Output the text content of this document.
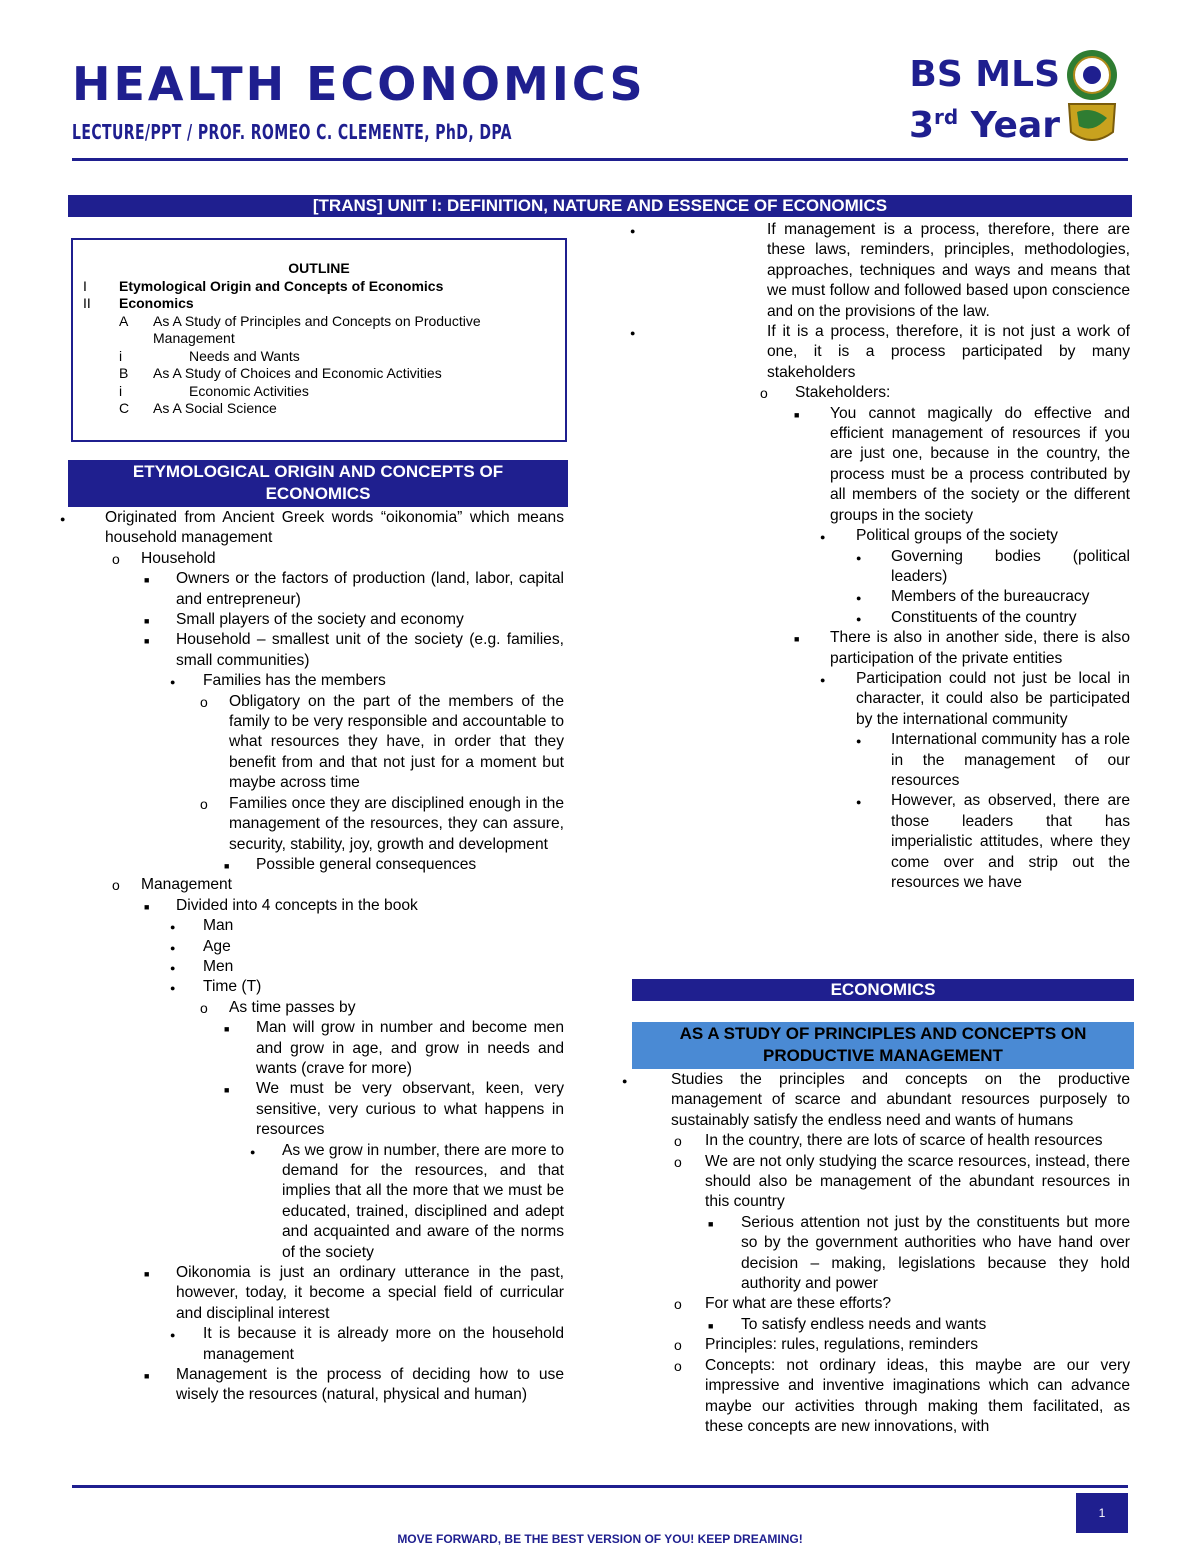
HEALTH ECONOMICS
LECTURE/PPT / PROF. ROMEO C. CLEMENTE, PhD, DPA
BS MLS
3rd Year
[TRANS] UNIT I: DEFINITION, NATURE AND ESSENCE OF ECONOMICS
OUTLINE
I Etymological Origin and Concepts of Economics
II Economics
A As A Study of Principles and Concepts on Productive
Management
i	Needs and Wants
B As A Study of Choices and Economic Activities
i	Economic Activities
C As A Social Science
ETYMOLOGICAL ORIGIN AND CONCEPTS OF
ECONOMICS
●
Originated from Ancient Greek words “oikonomia” which means household management
o
Household
■
Owners or the factors of production (land, labor, capital and entrepreneur)
■
Small players of the society and economy
■
Household – smallest unit of the society (e.g. families, small communities)
●
Families has the members
o
Obligatory on the part of the members of the family to be very responsible and accountable to what resources they have, in order that they benefit from and that not just for a moment but maybe across time
o
Families once they are disciplined enough in the management of the resources, they can assure, security, stability, joy, growth and development
■
Possible general consequences
o
Management
■
Divided into 4 concepts in the book
●
Man
●
Age
●
Men
●
Time (T)
o
As time passes by
■
Man will grow in number and become men and grow in age, and grow in needs and wants (crave for more)
■
We must be very observant, keen, very sensitive, very curious to what happens in resources
●
As we grow in number, there are more to demand for the resources, and that implies that all the more that we must be educated, trained, disciplined and adept and acquainted and aware of the norms of the society
■
Oikonomia is just an ordinary utterance in the past, however, today, it become a special field of curricular and disciplinal interest
●
It is because it is already more on the household management
■
Management is the process of deciding how to use wisely the resources (natural, physical and human)
●
If management is a process, therefore, there are these laws, reminders, principles, methodologies, approaches, techniques and ways and means that we must follow and followed based upon conscience and on the provisions of the law.
●
If it is a process, therefore, it is not just a work of one, it is a process participated by many stakeholders
o
Stakeholders:
■
You cannot magically do effective and efficient management of resources if you are just one, because in the country, the process must be a process contributed by all members of the society or the different groups in the society
●
Political groups of the society
●
Governing bodies (political leaders)
●
Members of the bureaucracy
●
Constituents of the country
■
There is also in another side, there is also participation of the private entities
●
Participation could not just be local in character, it could also be participated by the international community
●
International community has a role in the management of our resources
●
However, as observed, there are those leaders that has imperialistic attitudes, where they come over and strip out the resources we have
ECONOMICS
AS A STUDY OF PRINCIPLES AND CONCEPTS ON
PRODUCTIVE MANAGEMENT
●
Studies the principles and concepts on the productive management of scarce and abundant resources purposely to sustainably satisfy the endless need and wants of humans
o
In the country, there are lots of scarce of health resources
o
We are not only studying the scarce resources, instead, there should also be management of the abundant resources in this country
■
Serious attention not just by the constituents but more so by the government authorities who have hand over decision – making, legislations because they hold authority and power
o
For what are these efforts?
■
To satisfy endless needs and wants
o
Principles: rules, regulations, reminders
o
Concepts: not ordinary ideas, this maybe are our very impressive and inventive imaginations which can advance maybe our activities through making them facilitated, as these concepts are new innovations, with
1
MOVE FORWARD, BE THE BEST VERSION OF YOU! KEEP DREAMING!
